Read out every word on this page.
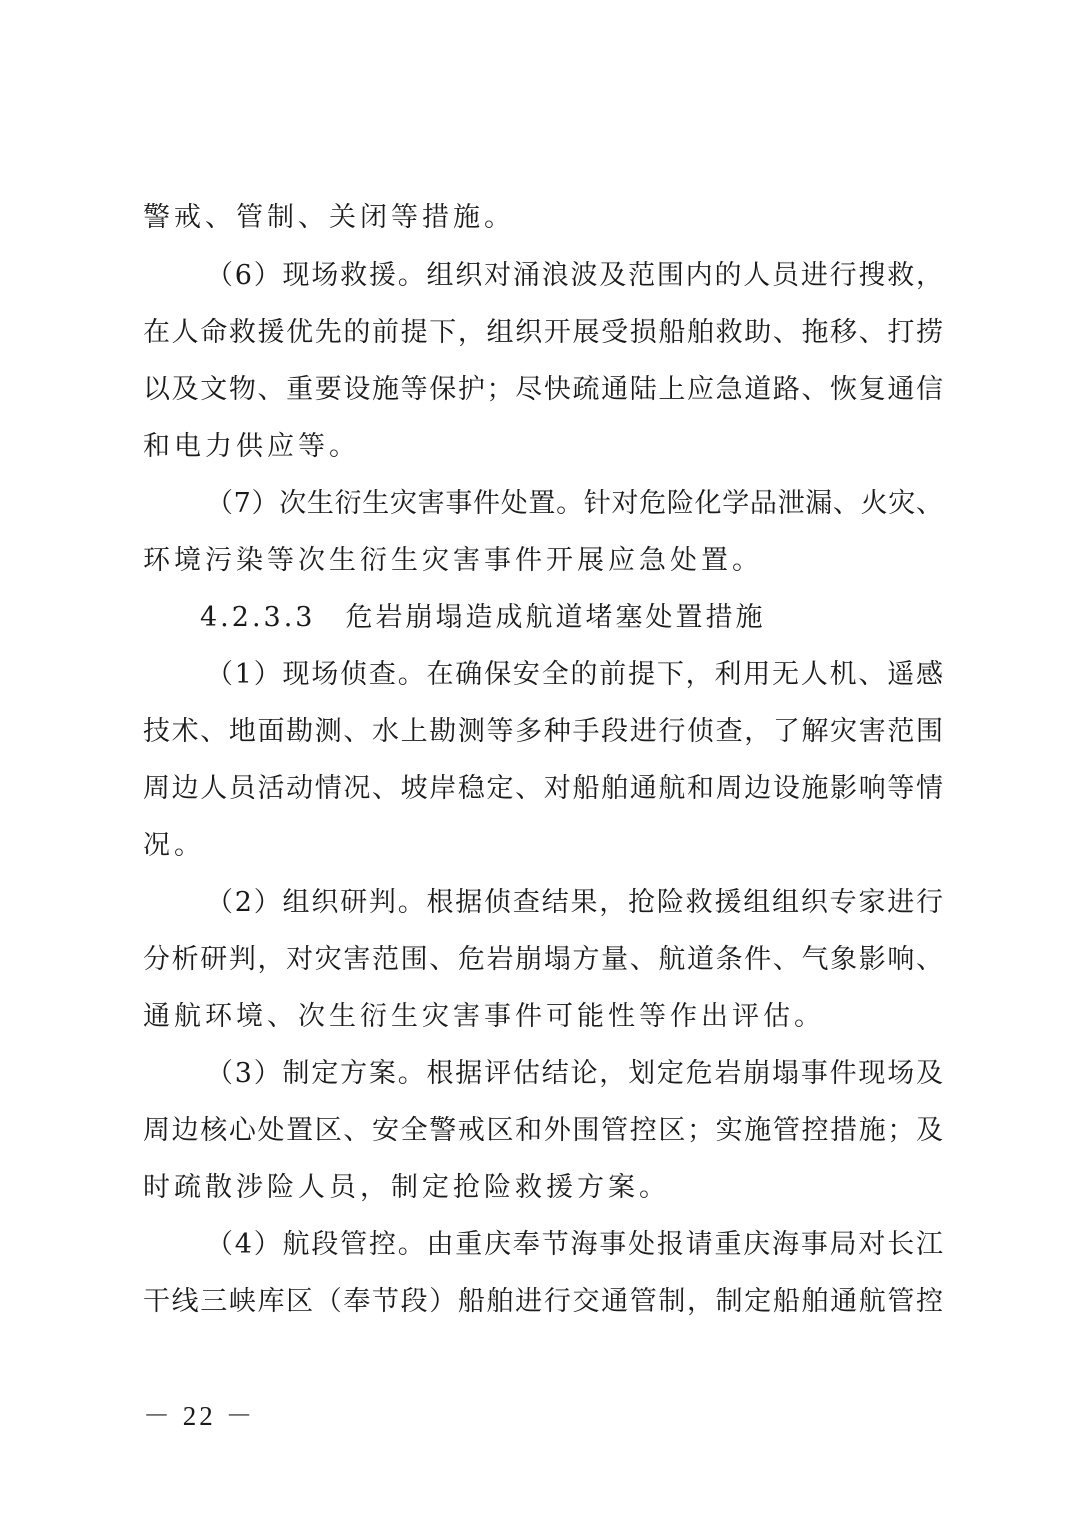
警戒、管制、关闭等措施。
（6）现场救援。组织对涌浪波及范围内的人员进行搜救，
在人命救援优先的前提下，组织开展受损船舶救助、拖移、打捞
以及文物、重要设施等保护；尽快疏通陆上应急道路、恢复通信
和电力供应等。
（7）次生衍生灾害事件处置。针对危险化学品泄漏、火灾、
环境污染等次生衍生灾害事件开展应急处置。
4.2.3.3　危岩崩塌造成航道堵塞处置措施
（1）现场侦查。在确保安全的前提下，利用无人机、遥感
技术、地面勘测、水上勘测等多种手段进行侦查，了解灾害范围
周边人员活动情况、坡岸稳定、对船舶通航和周边设施影响等情
况。
（2）组织研判。根据侦查结果，抢险救援组组织专家进行
分析研判，对灾害范围、危岩崩塌方量、航道条件、气象影响、
通航环境、次生衍生灾害事件可能性等作出评估。
（3）制定方案。根据评估结论，划定危岩崩塌事件现场及
周边核心处置区、安全警戒区和外围管控区；实施管控措施；及
时疏散涉险人员，制定抢险救援方案。
（4）航段管控。由重庆奉节海事处报请重庆海事局对长江
干线三峡库区（奉节段）船舶进行交通管制，制定船舶通航管控
－ 22 －
